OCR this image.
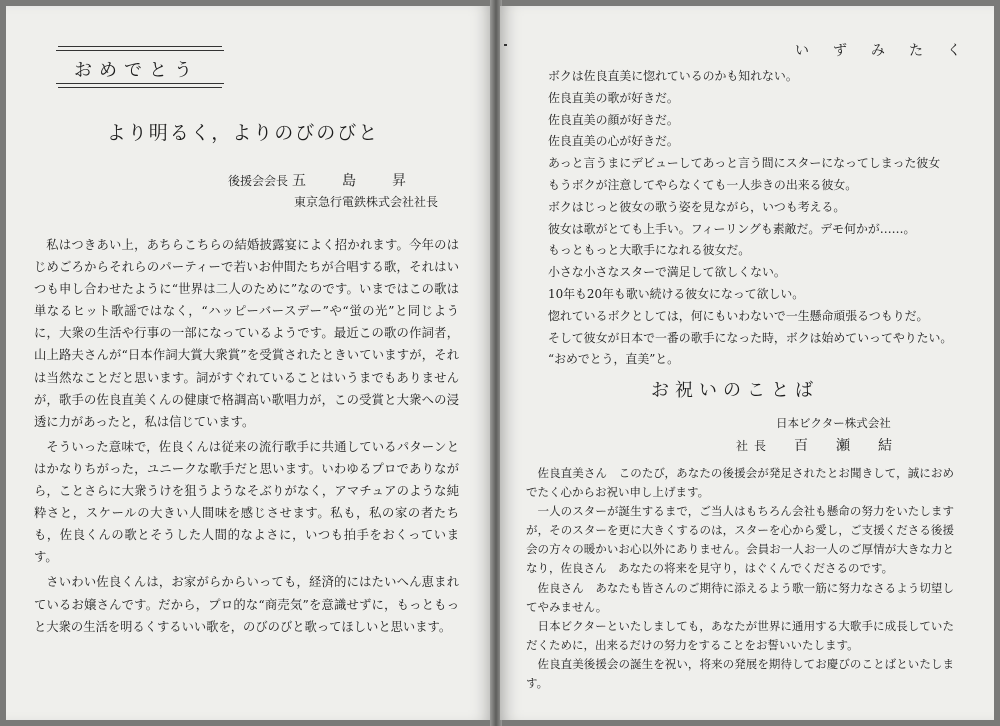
おめでとう
より明るく，よりのびのびと
後援会会長 五島昇
東京急行電鉄株式会社社長

私はつきあい上，あちらこちらの結婚披露宴によく招かれます。今年のはじめごろからそれらのパーティーで若いお仲間たちが合唱する歌，それはいつも申し合わせたように“世界は二人のために”なのです。いまではこの歌は単なるヒット歌謡ではなく，“ハッピーバースデー”や“蛍の光”と同じように，大衆の生活や行事の一部になっているようです。最近この歌の作詞者，山上路夫さんが“日本作詞大賞大衆賞”を受賞されたときいていますが，それは当然なことだと思います。詞がすぐれていることはいうまでもありませんが，歌手の佐良直美くんの健康で格調高い歌唱力が，この受賞と大衆への浸透に力があったと，私は信じています。

そういった意味で，佐良くんは従来の流行歌手に共通しているパターンとはかなりちがった，ユニークな歌手だと思います。いわゆるプロでありながら，ことさらに大衆うけを狙うようなそぶりがなく，アマチュアのような純粋さと，スケールの大きい人間味を感じさせます。私も，私の家の者たちも，佐良くんの歌とそうした人間的なよさに，いつも拍手をおくっています。

さいわい佐良くんは，お家がらからいっても，経済的にはたいへん恵まれているお嬢さんです。だから，プロ的な“商売気”を意識せずに，もっともっと大衆の生活を明るくするいい歌を，のびのびと歌ってほしいと思います。

いずみたく
ボクは佐良直美に惚れているのかも知れない。
佐良直美の歌が好きだ。
佐良直美の顔が好きだ。
佐良直美の心が好きだ。
あっと言うまにデビューしてあっと言う間にスターになってしまった彼女
もうボクが注意してやらなくても一人歩きの出来る彼女。
ボクはじっと彼女の歌う姿を見ながら，いつも考える。
彼女は歌がとても上手い。フィーリングも素敵だ。デモ何かが……。
もっともっと大歌手になれる彼女だ。
小さな小さなスターで満足して欲しくない。
10年も20年も歌い続ける彼女になって欲しい。
惚れているボクとしては，何にもいわないで一生懸命頑張るつもりだ。
そして彼女が日本で一番の歌手になった時，ボクは始めていってやりたい。
“おめでとう，直美”と。
お祝いのことば
日本ビクター株式会社
社長 百瀬結

佐良直美さん　このたび，あなたの後援会が発足されたとお聞きして，誠におめでたく心からお祝い申し上げます。

一人のスターが誕生するまで，ご当人はもちろん会社も懸命の努力をいたしますが，そのスターを更に大きくするのは，スターを心から愛し，ご支援くださる後援会の方々の暖かいお心以外にありません。会員お一人お一人のご厚情が大きな力となり，佐良さん　あなたの将来を見守り，はぐくんでくださるのです。

佐良さん　あなたも皆さんのご期待に添えるよう歌一筋に努力なさるよう切望してやみません。

日本ビクターといたしましても，あなたが世界に通用する大歌手に成長していただくために，出来るだけの努力をすることをお誓いいたします。

佐良直美後援会の誕生を祝い，将来の発展を期待してお慶びのことばといたします。
